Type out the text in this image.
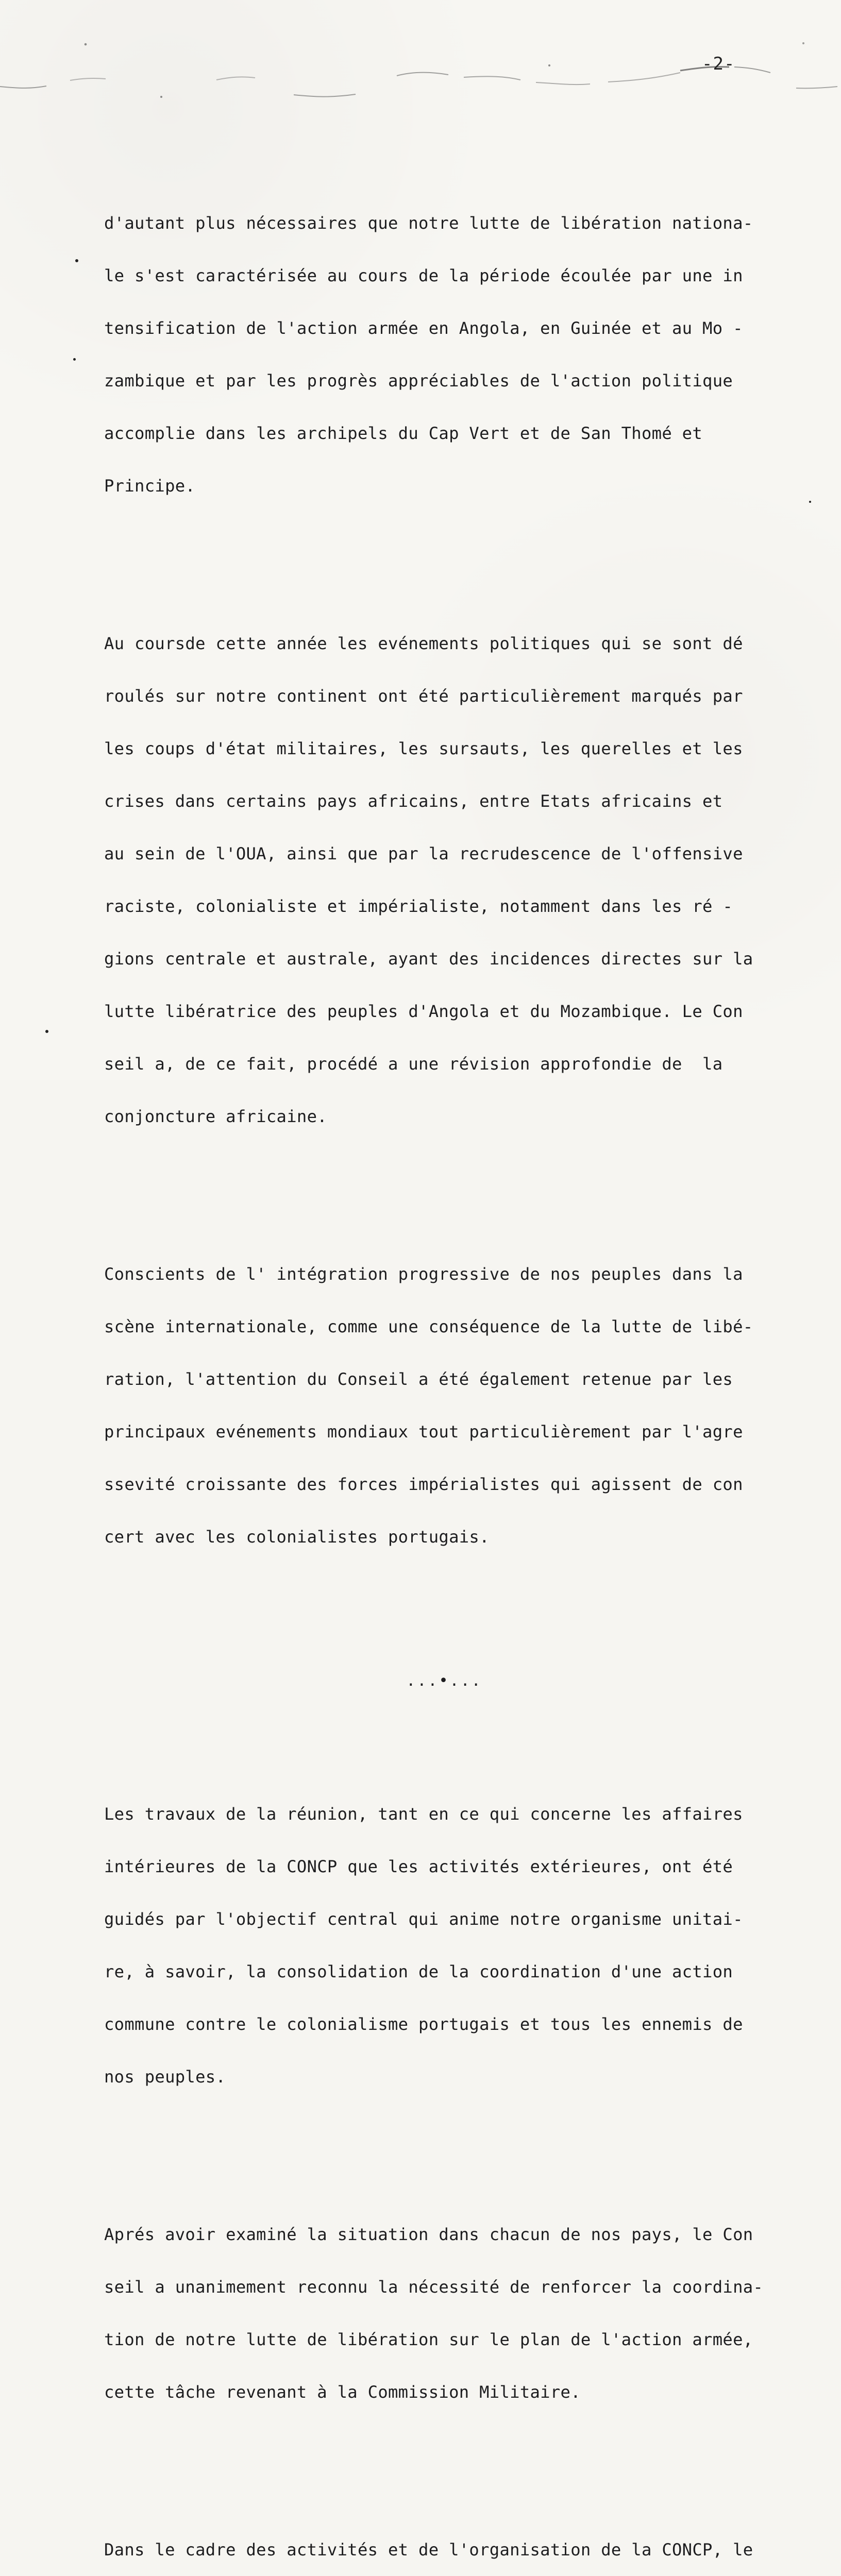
-2-

d'autant plus nécessaires que notre lutte de libération nationa-

le s'est caractérisée au cours de la période écoulée par une in

tensification de l'action armée en Angola, en Guinée et au Mo -

zambique et par les progrès appréciables de l'action politique

accomplie dans les archipels du Cap Vert et de San Thomé et

Principe.

Au coursde cette année les evénements politiques qui se sont dé

roulés sur notre continent ont été particulièrement marqués par

les coups d'état militaires, les sursauts, les querelles et les

crises dans certains pays africains, entre Etats africains et

au sein de l'OUA, ainsi que par la recrudescence de l'offensive

raciste, colonialiste et impérialiste, notamment dans les ré -

gions centrale et australe, ayant des incidences directes sur la

lutte libératrice des peuples d'Angola et du Mozambique. Le Con

seil a, de ce fait, procédé a une révision approfondie de  la

conjoncture africaine.

Conscients de l' intégration progressive de nos peuples dans la

scène internationale, comme une conséquence de la lutte de libé-

ration, l'attention du Conseil a été également retenue par les

principaux evénements mondiaux tout particulièrement par l'agre

ssevité croissante des forces impérialistes qui agissent de con

cert avec les colonialistes portugais.

...•...

Les travaux de la réunion, tant en ce qui concerne les affaires

intérieures de la CONCP que les activités extérieures, ont été

guidés par l'objectif central qui anime notre organisme unitai-

re, à savoir, la consolidation de la coordination d'une action

commune contre le colonialisme portugais et tous les ennemis de

nos peuples.

Aprés avoir examiné la situation dans chacun de nos pays, le Con

seil a unanimement reconnu la nécessité de renforcer la coordina-

tion de notre lutte de libération sur le plan de l'action armée,

cette tâche revenant à la Commission Militaire.

Dans le cadre des activités et de l'organisation de la CONCP, le
